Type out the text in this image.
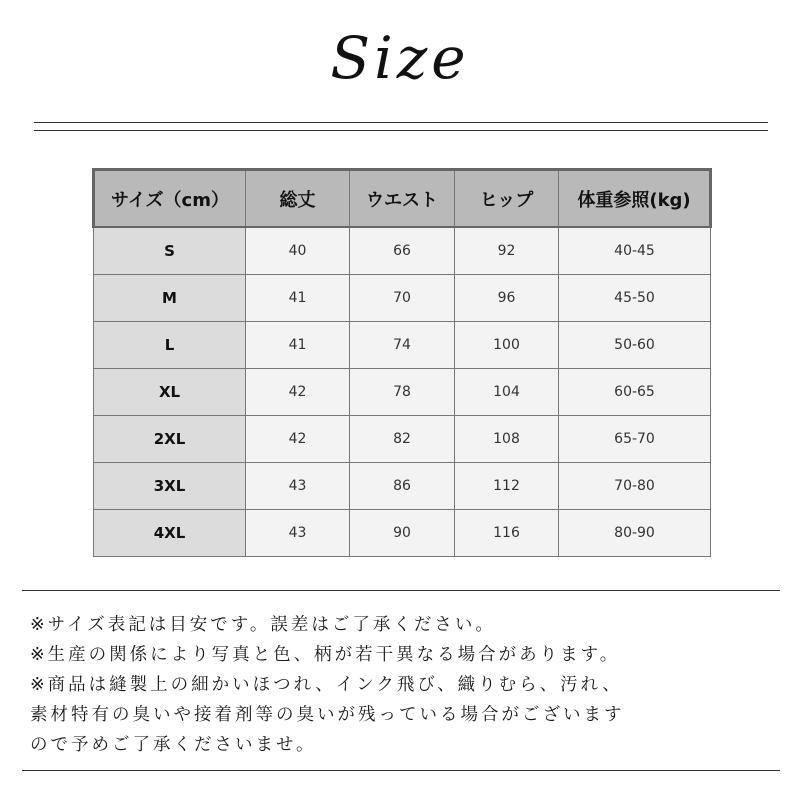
Size
サイズ（cm）	総丈	ウエスト	ヒップ	体重参照(kg)
S	40	66	92	40-45
M	41	70	96	45-50
L	41	74	100	50-60
XL	42	78	104	60-65
2XL	42	82	108	65-70
3XL	43	86	112	70-80
4XL	43	90	116	80-90
※サイズ表記は目安です。誤差はご了承ください。
※生産の関係により写真と色、柄が若干異なる場合があります。
※商品は縫製上の細かいほつれ、インク飛び、織りむら、汚れ、
素材特有の臭いや接着剤等の臭いが残っている場合がございます
ので予めご了承くださいませ。
